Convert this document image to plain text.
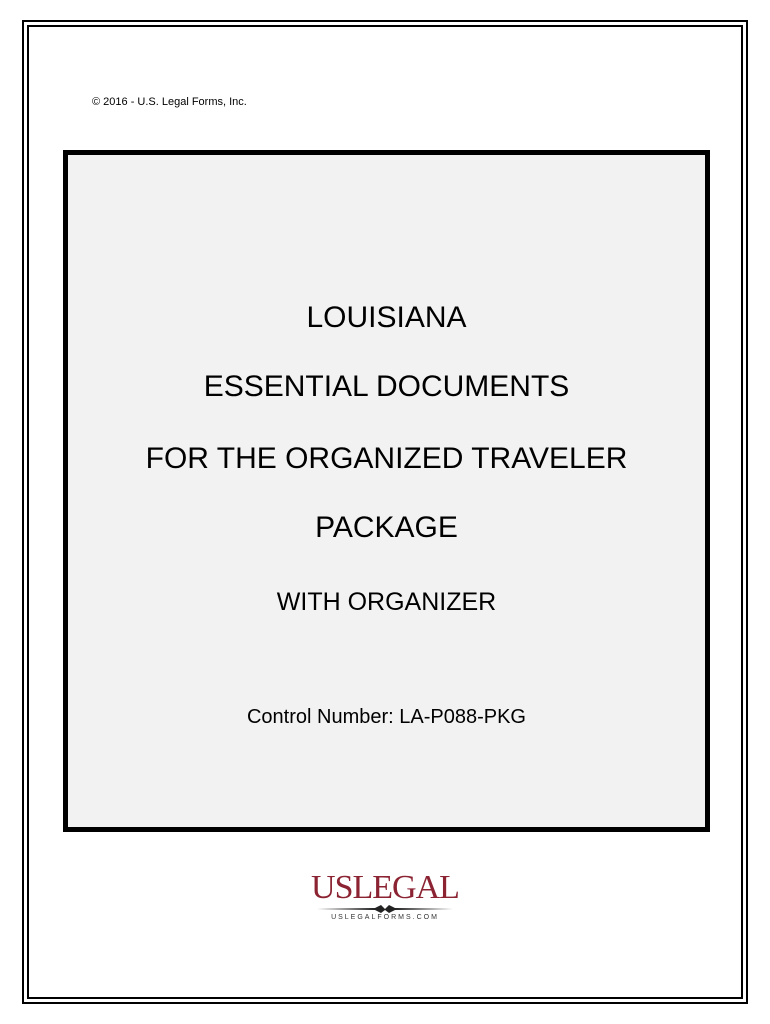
© 2016 - U.S. Legal Forms, Inc.
LOUISIANA
ESSENTIAL DOCUMENTS
FOR THE ORGANIZED TRAVELER
PACKAGE
WITH ORGANIZER
Control Number: LA-P088-PKG
USLEGAL
USLEGALFORMS.COM
